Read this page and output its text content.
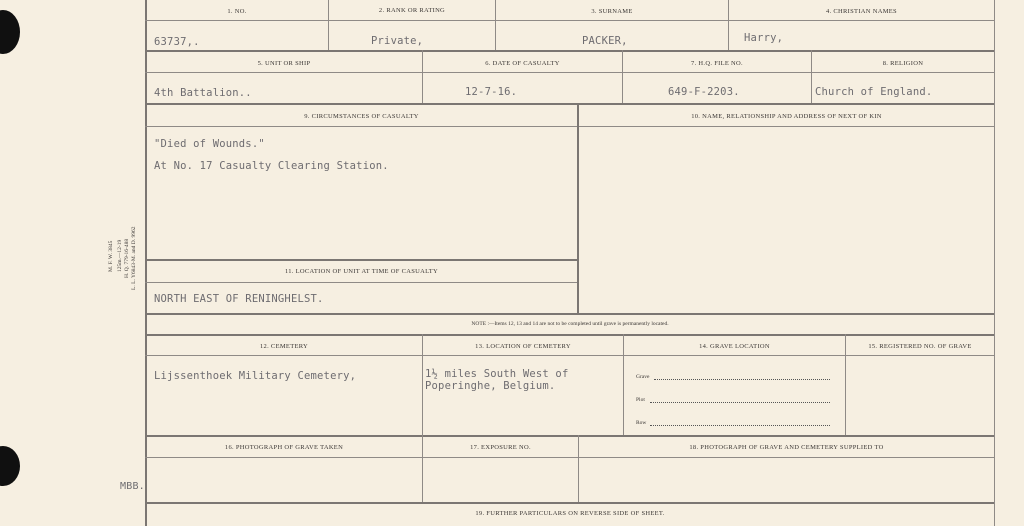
M. F. W. 3845 125m.—12-19 H. Q. 779-16-488 L. L. Y6843-M. and D. 9962
MBB.
1. NO.	2. RANK OR RATING	3. SURNAME	4. CHRISTIAN NAMES
63737,.	Private,	PACKER,	Harry,
5. UNIT OR SHIP	6. DATE OF CASUALTY	7. H.Q. FILE NO.	8. RELIGION
4th Battalion..	12-7-16.	649-F-2203.	Church of England.
9. CIRCUMSTANCES OF CASUALTY	10. NAME, RELATIONSHIP AND ADDRESS OF NEXT OF KIN
"Died of Wounds."
At No. 17 Casualty Clearing Station.
11. LOCATION OF UNIT AT TIME OF CASUALTY
NORTH EAST OF RENINGHELST.
NOTE :—Items 12, 13 and 14 are not to be completed until grave is permanently located.
12. CEMETERY	13. LOCATION OF CEMETERY	14. GRAVE LOCATION	15. REGISTERED NO. OF GRAVE
Lijssenthoek Military Cemetery,	1½ miles South West of
Poperinghe, Belgium.
Grave
Plot
Row
16. PHOTOGRAPH OF GRAVE TAKEN	17. EXPOSURE NO.	18. PHOTOGRAPH OF GRAVE AND CEMETERY SUPPLIED TO
19. FURTHER PARTICULARS ON REVERSE SIDE OF SHEET.
